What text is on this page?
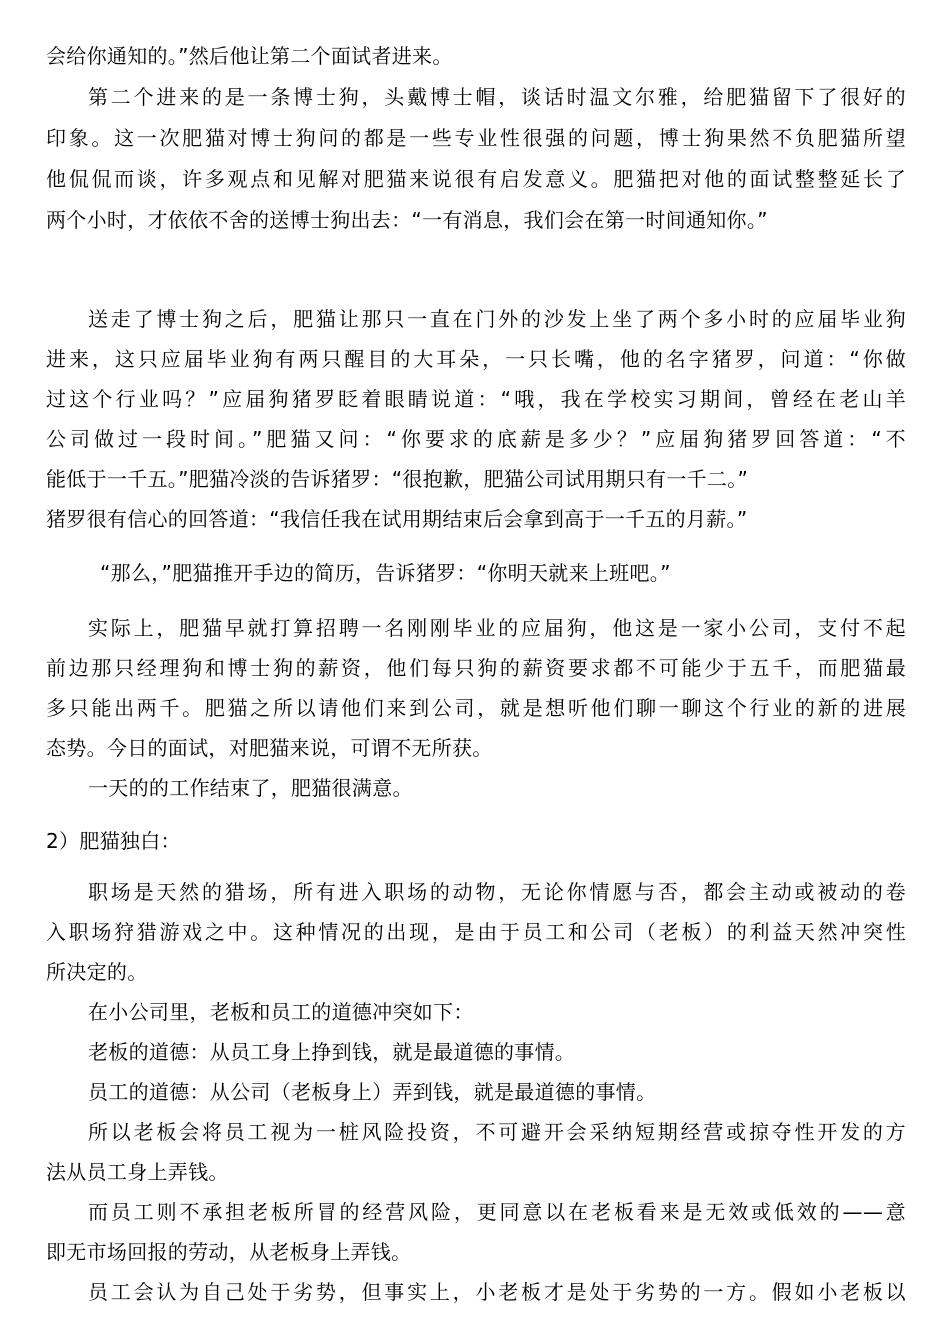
会给你通知的。”然后他让第二个面试者进来。
第二个进来的是一条博士狗，头戴博士帽，谈话时温文尔雅，给肥猫留下了很好的
印象。这一次肥猫对博士狗问的都是一些专业性很强的问题，博士狗果然不负肥猫所望
他侃侃而谈，许多观点和见解对肥猫来说很有启发意义。肥猫把对他的面试整整延长了
两个小时，才依依不舍的送博士狗出去：“一有消息，我们会在第一时间通知你。”
送走了博士狗之后，肥猫让那只一直在门外的沙发上坐了两个多小时的应届毕业狗
进来，这只应届毕业狗有两只醒目的大耳朵，一只长嘴，他的名字猪罗，问道：“你做
过这个行业吗？”应届狗猪罗眨着眼睛说道：“哦，我在学校实习期间，曾经在老山羊
公司做过一段时间。”肥猫又问：“你要求的底薪是多少？”应届狗猪罗回答道：“不
能低于一千五。”肥猫冷淡的告诉猪罗：“很抱歉，肥猫公司试用期只有一千二。”
猪罗很有信心的回答道：“我信任我在试用期结束后会拿到高于一千五的月薪。”
“那么，”肥猫推开手边的简历，告诉猪罗：“你明天就来上班吧。”
实际上，肥猫早就打算招聘一名刚刚毕业的应届狗，他这是一家小公司，支付不起
前边那只经理狗和博士狗的薪资，他们每只狗的薪资要求都不可能少于五千，而肥猫最
多只能出两千。肥猫之所以请他们来到公司，就是想听他们聊一聊这个行业的新的进展
态势。今日的面试，对肥猫来说，可谓不无所获。
一天的的工作结束了，肥猫很满意。
2）肥猫独白：
职场是天然的猎场，所有进入职场的动物，无论你情愿与否，都会主动或被动的卷
入职场狩猎游戏之中。这种情况的出现，是由于员工和公司（老板）的利益天然冲突性
所决定的。
在小公司里，老板和员工的道德冲突如下：
老板的道德：从员工身上挣到钱，就是最道德的事情。
员工的道德：从公司（老板身上）弄到钱，就是最道德的事情。
所以老板会将员工视为一桩风险投资，不可避开会采纳短期经营或掠夺性开发的方
法从员工身上弄钱。
而员工则不承担老板所冒的经营风险，更同意以在老板看来是无效或低效的——意
即无市场回报的劳动，从老板身上弄钱。
员工会认为自己处于劣势，但事实上，小老板才是处于劣势的一方。假如小老板以
